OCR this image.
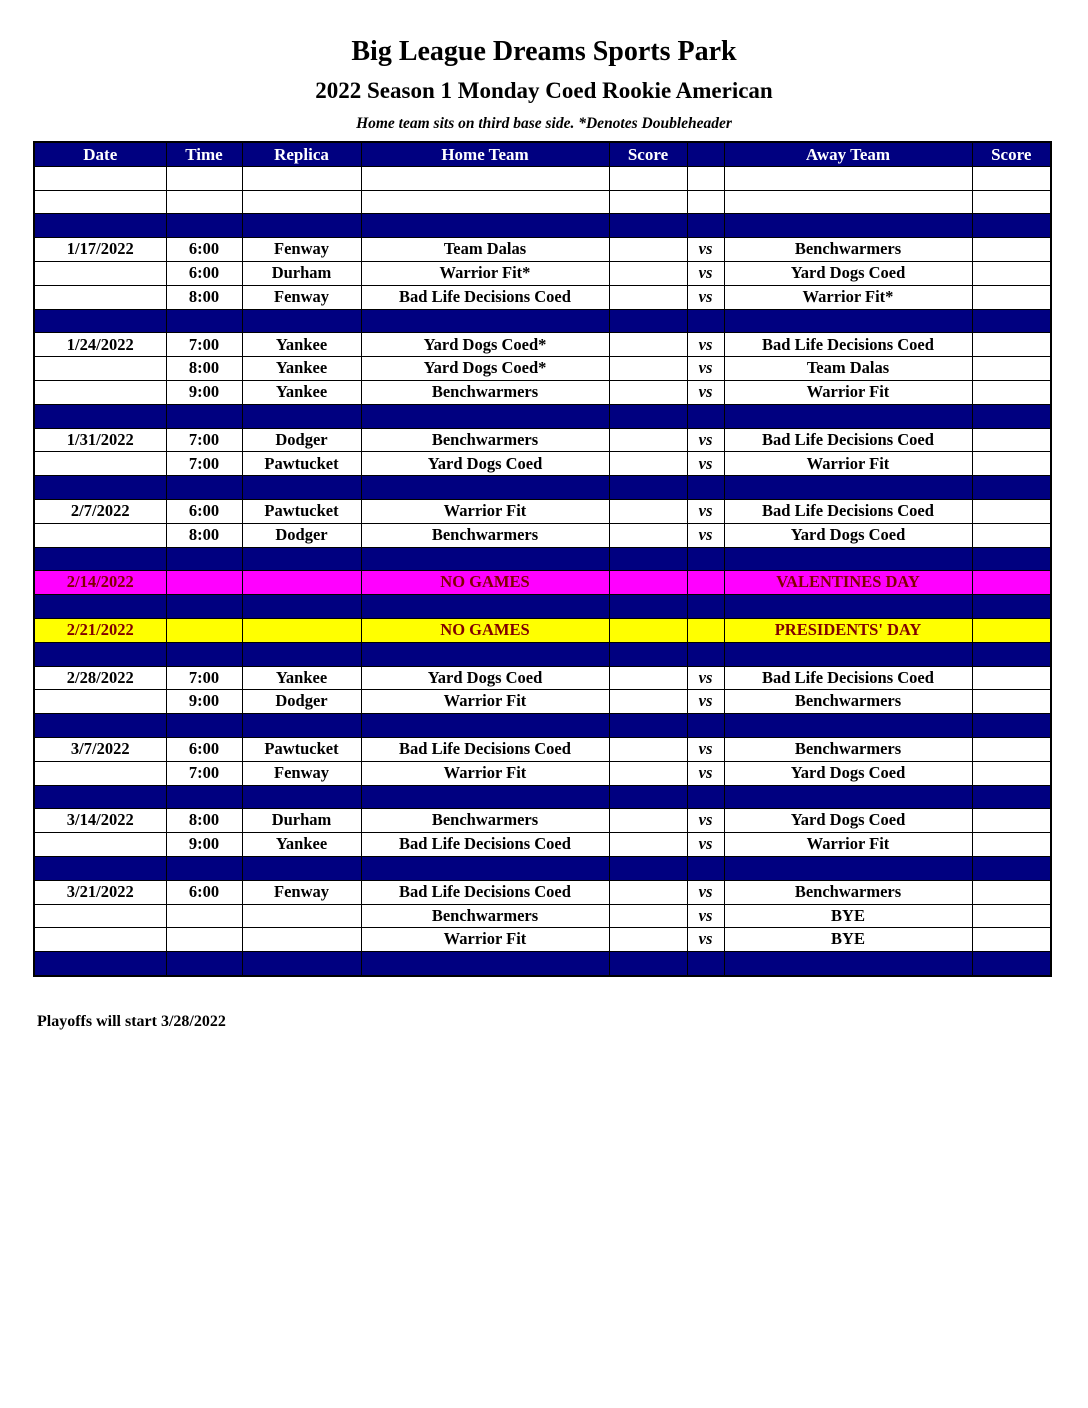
Big League Dreams Sports Park
2022 Season 1 Monday Coed Rookie American
Home team sits on third base side. *Denotes Doubleheader
Date	Time	Replica	Home Team	Score		Away Team	Score

1/17/2022	6:00	Fenway	Team Dalas		vs	Benchwarmers	
	6:00	Durham	Warrior Fit*		vs	Yard Dogs Coed	
	8:00	Fenway	Bad Life Decisions Coed		vs	Warrior Fit*	

1/24/2022	7:00	Yankee	Yard Dogs Coed*		vs	Bad Life Decisions Coed	
	8:00	Yankee	Yard Dogs Coed*		vs	Team Dalas	
	9:00	Yankee	Benchwarmers		vs	Warrior Fit	

1/31/2022	7:00	Dodger	Benchwarmers		vs	Bad Life Decisions Coed	
	7:00	Pawtucket	Yard Dogs Coed		vs	Warrior Fit	

2/7/2022	6:00	Pawtucket	Warrior Fit		vs	Bad Life Decisions Coed	
	8:00	Dodger	Benchwarmers		vs	Yard Dogs Coed	

2/14/2022			NO GAMES			VALENTINES DAY	

2/21/2022			NO GAMES			PRESIDENTS' DAY	

2/28/2022	7:00	Yankee	Yard Dogs Coed		vs	Bad Life Decisions Coed	
	9:00	Dodger	Warrior Fit		vs	Benchwarmers	

3/7/2022	6:00	Pawtucket	Bad Life Decisions Coed		vs	Benchwarmers	
	7:00	Fenway	Warrior Fit		vs	Yard Dogs Coed	

3/14/2022	8:00	Durham	Benchwarmers		vs	Yard Dogs Coed	
	9:00	Yankee	Bad Life Decisions Coed		vs	Warrior Fit	

3/21/2022	6:00	Fenway	Bad Life Decisions Coed		vs	Benchwarmers	
			Benchwarmers		vs	BYE	
			Warrior Fit		vs	BYE	

Playoffs will start 3/28/2022
